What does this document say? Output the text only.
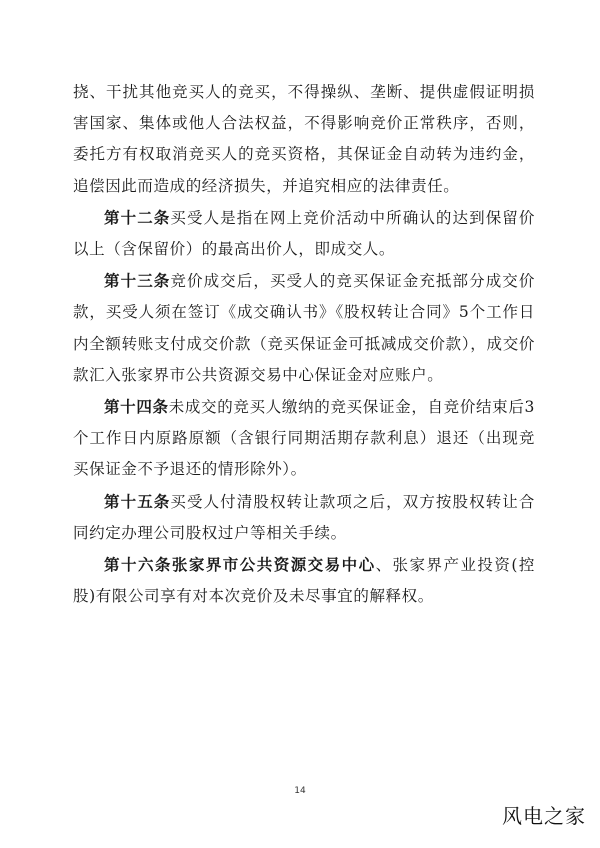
挠、干扰其他竞买人的竞买，不得操纵、垄断、提供虚假证明损害国家、集体或他人合法权益，不得影响竞价正常秩序，否则，委托方有权取消竞买人的竞买资格，其保证金自动转为违约金，追偿因此而造成的经济损失，并追究相应的法律责任。

第十二条买受人是指在网上竞价活动中所确认的达到保留价以上（含保留价）的最高出价人，即成交人。

第十三条竞价成交后，买受人的竞买保证金充抵部分成交价款，买受人须在签订《成交确认书》《股权转让合同》5个工作日内全额转账支付成交价款（竞买保证金可抵减成交价款），成交价款汇入张家界市公共资源交易中心保证金对应账户。

第十四条未成交的竞买人缴纳的竞买保证金，自竞价结束后3个工作日内原路原额（含银行同期活期存款利息）退还（出现竞买保证金不予退还的情形除外）。

第十五条买受人付清股权转让款项之后，双方按股权转让合同约定办理公司股权过户等相关手续。

第十六条张家界市公共资源交易中心、张家界产业投资(控股)有限公司享有对本次竞价及未尽事宜的解释权。

14
风电之家
